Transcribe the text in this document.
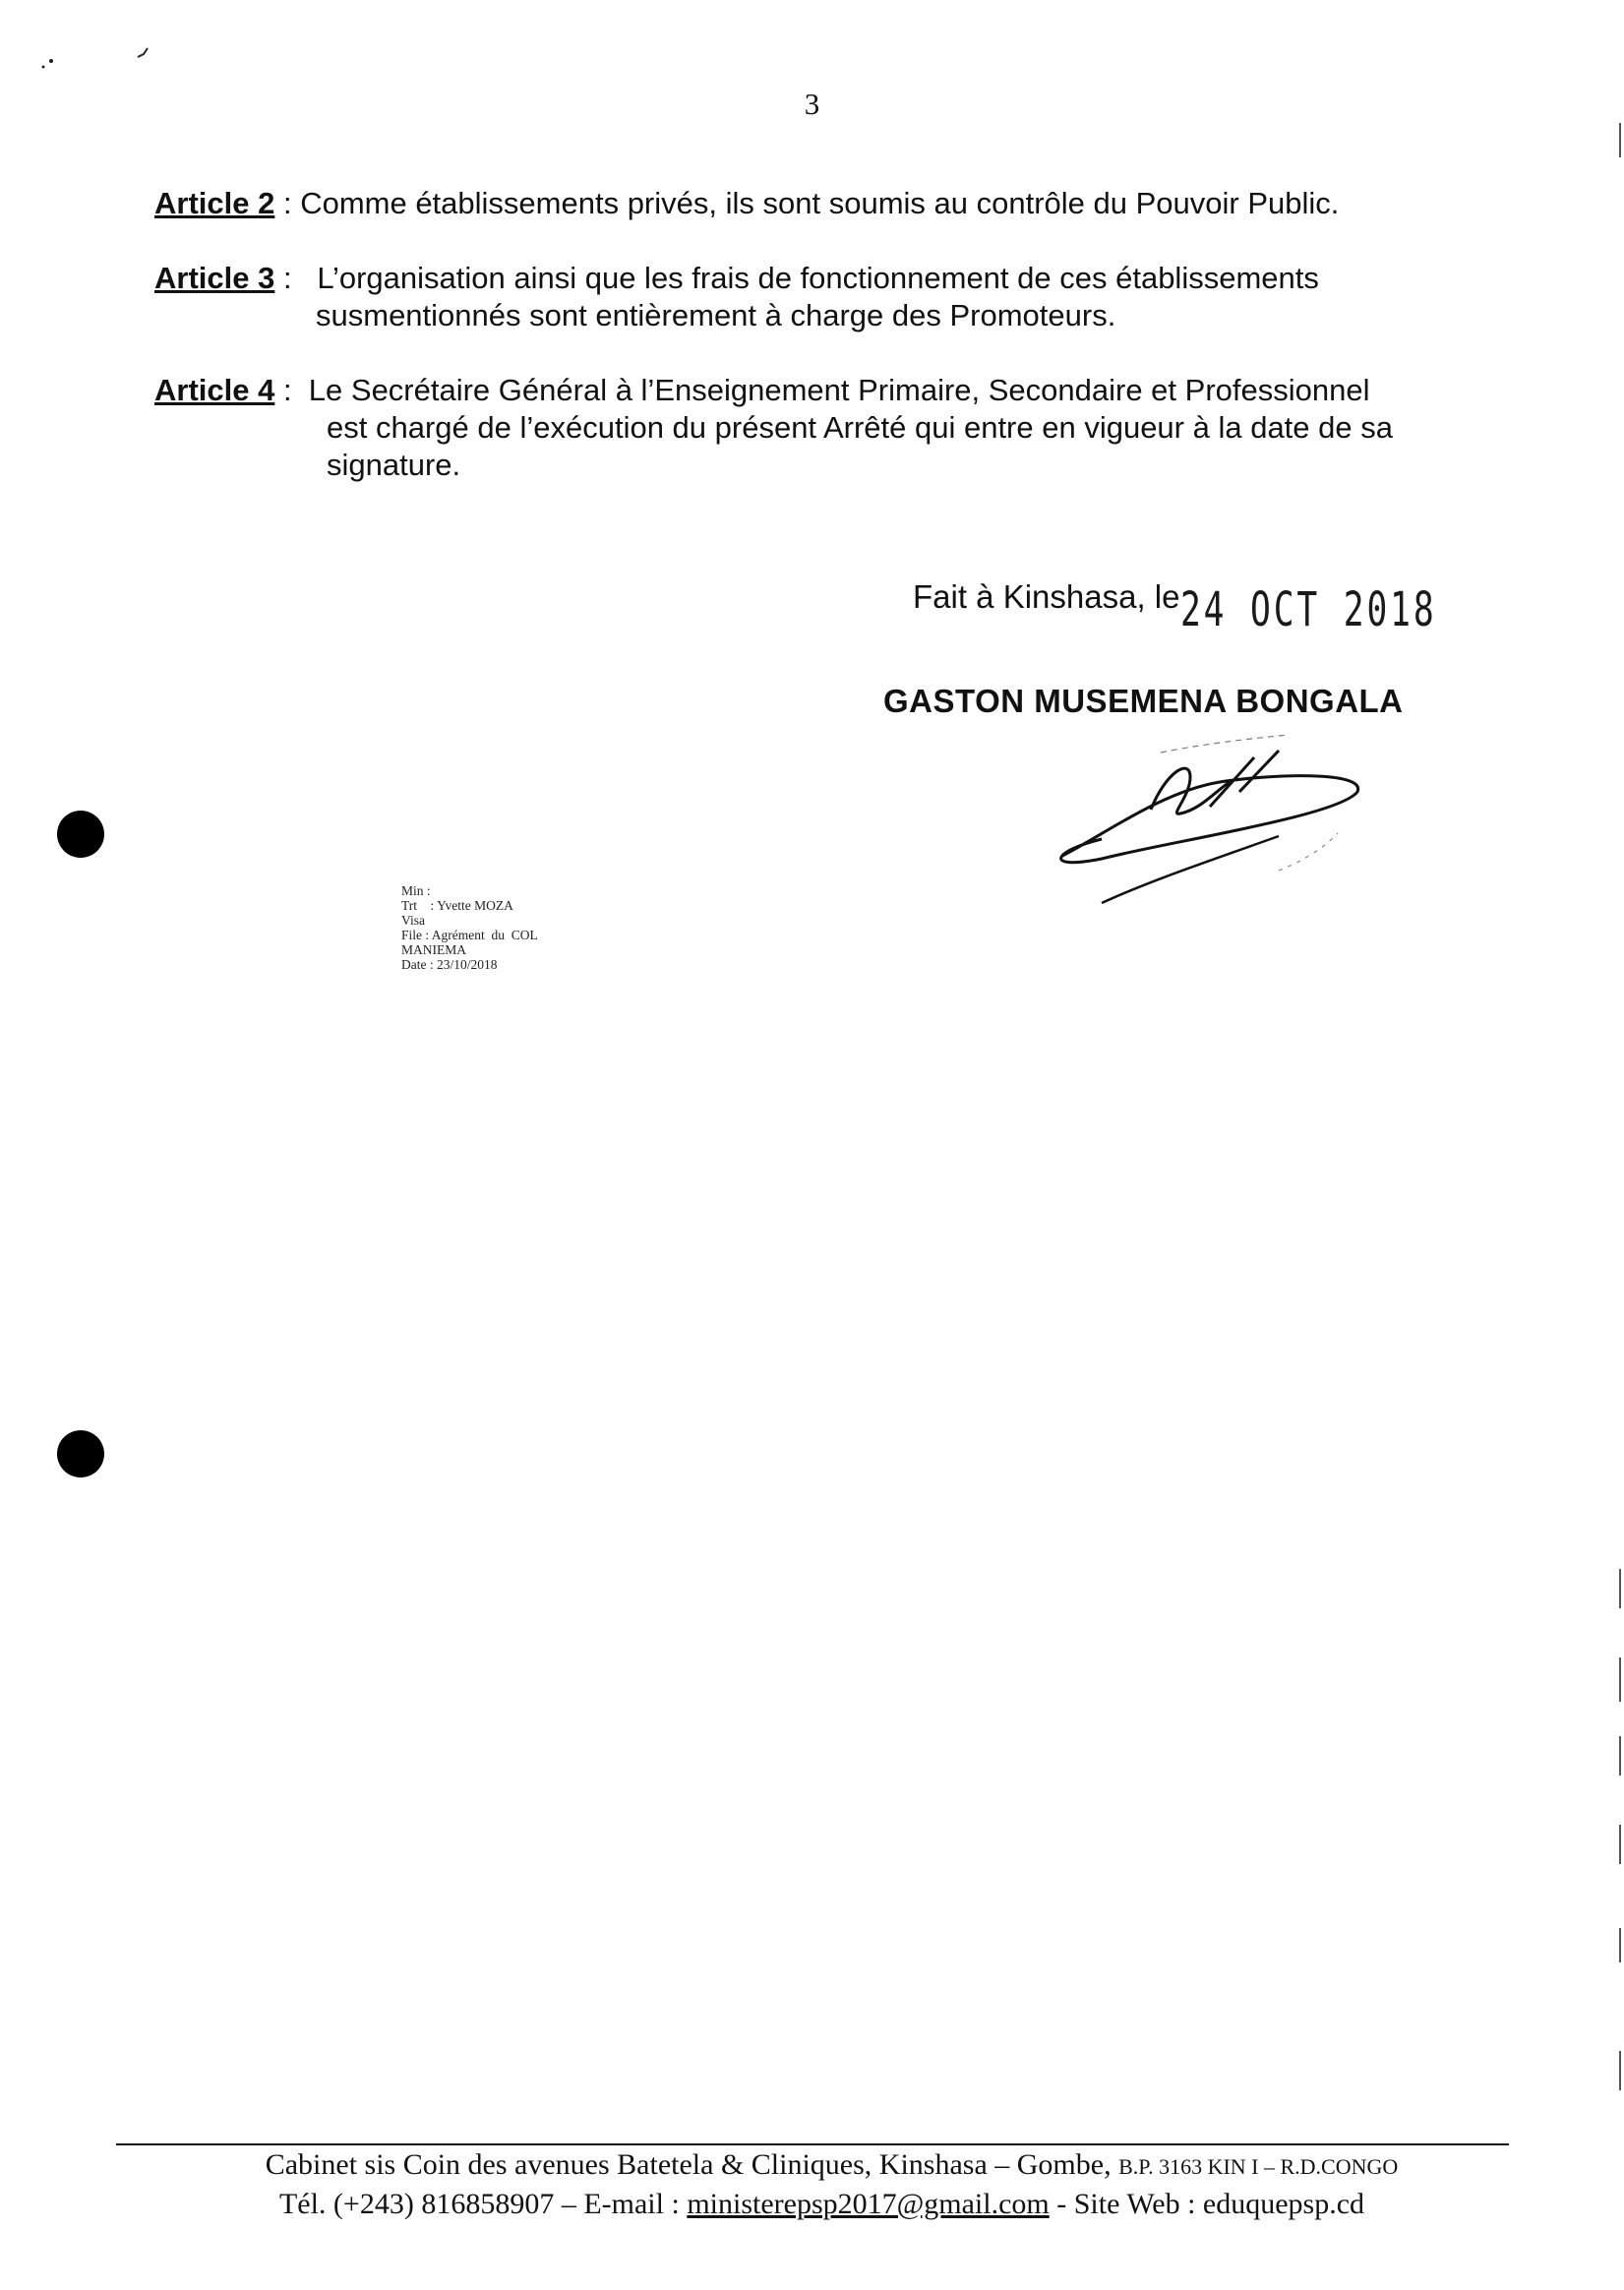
3
Article 2 : Comme établissements privés, ils sont soumis au contrôle du Pouvoir Public.
Article 3 :   L’organisation ainsi que les frais de fonctionnement de ces établissements
susmentionnés sont entièrement à charge des Promoteurs.
Article 4 :  Le Secrétaire Général à l’Enseignement Primaire, Secondaire et Professionnel
est chargé de l’exécution du présent Arrêté qui entre en vigueur à la date de sa
signature.
Fait à Kinshasa, le 24 OCT 2018
GASTON MUSEMENA BONGALA
Min :
Trt    : Yvette MOZA
Visa
File : Agrément  du  COL
MANIEMA
Date : 23/10/2018
Cabinet sis Coin des avenues Batetela & Cliniques, Kinshasa – Gombe, B.P. 3163 KIN I – R.D.CONGO
Tél. (+243) 816858907 – E-mail : ministerepsp2017@gmail.com - Site Web : eduquepsp.cd
